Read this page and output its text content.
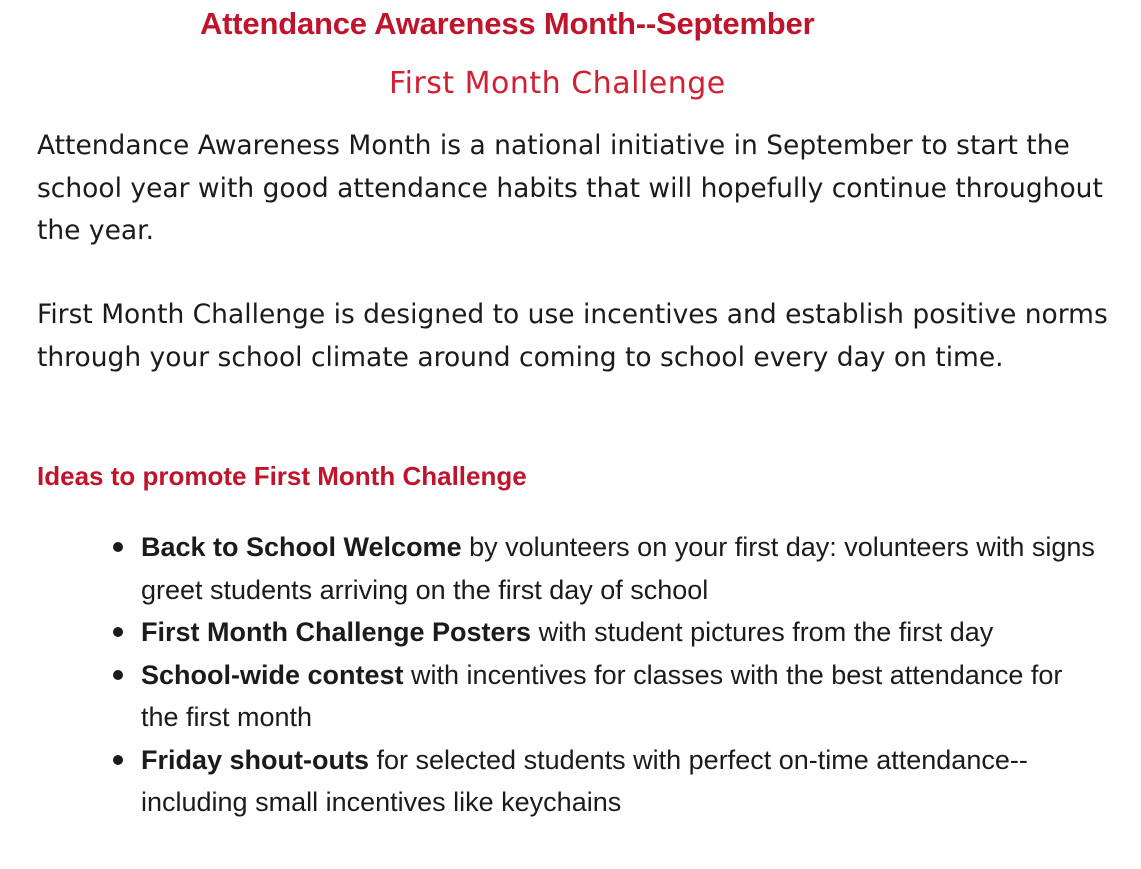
Attendance Awareness Month--September
First Month Challenge

Attendance Awareness Month is a national initiative in September to start the school year with good attendance habits that will hopefully continue throughout the year.

First Month Challenge is designed to use incentives and establish positive norms through your school climate around coming to school every day on time.

Ideas to promote First Month Challenge
Back to School Welcome by volunteers on your first day: volunteers with signs greet students arriving on the first day of school
First Month Challenge Posters with student pictures from the first day
School-wide contest with incentives for classes with the best attendance for the first month
Friday shout-outs for selected students with perfect on-time attendance--including small incentives like keychains
